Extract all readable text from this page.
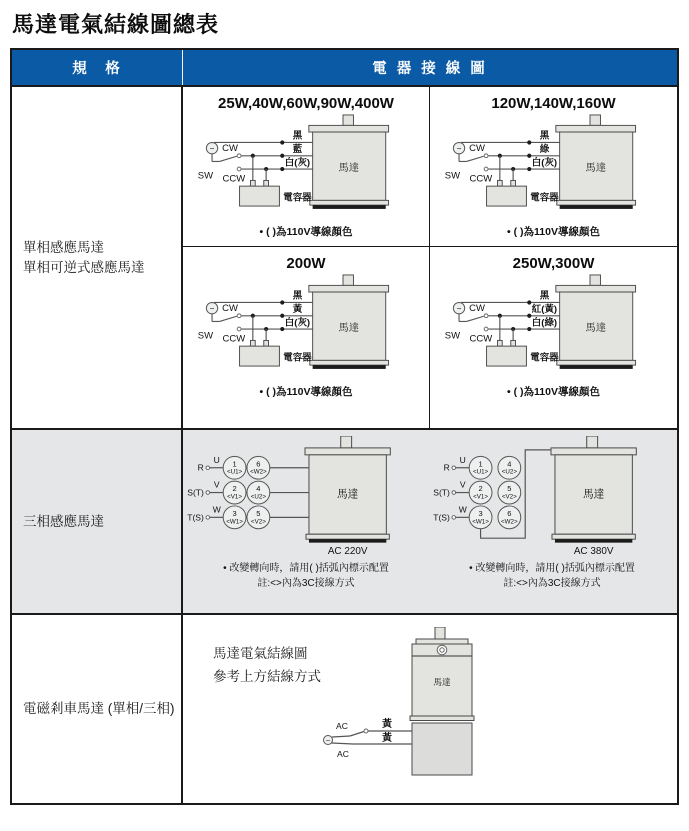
馬達電氣結線圖總表
規　格	電 器 接 線 圖
單相感應馬達
單相可逆式感應馬達
25W,40W,60W,90W,400W
馬達
~
電容器
黑
藍
白(灰)
SW
CW
CCW
• ( )為110V導線顏色
120W,140W,160W
馬達
~
電容器
黑
綠
白(灰)
SW
CW
CCW
• ( )為110V導線顏色
200W
馬達
~
電容器
黑
黃
白(灰)
SW
CW
CCW
• ( )為110V導線顏色
250W,300W
馬達
~
電容器
黑
紅(黃)
白(綠)
SW
CW
CCW
• ( )為110V導線顏色
三相感應馬達
馬達
R
U 1
<U1>
6
<W2>
S(T)
V 2
<V1>
4
<U2>
T(S)
W 3
<W1>
5
<V2>
AC 220V
• 改變轉向時，請用( )括弧內標示配置
註:<>內為3C接線方式
馬達
R
U 1
<U1>
4
<U2>
S(T)
V 2
<V1>
5
<V2>
T(S)
W 3
<W1>
6
<W2>
AC 380V
• 改變轉向時，請用( )括弧內標示配置
註:<>內為3C接線方式
電磁剎車馬達 (單相/三相)
馬達電氣結線圖
參考上方結線方式	馬達
~
AC
AC
黃
黃
